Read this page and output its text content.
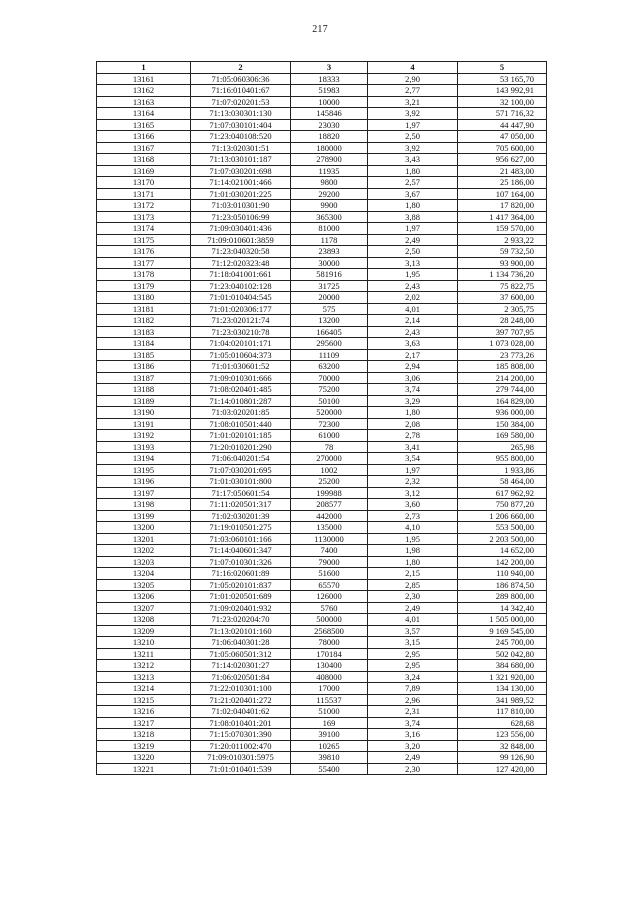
217
1	2	3	4	5
13161	71:05:060306:36	18333	2,90	53 165,70
13162	71:16:010401:67	51983	2,77	143 992,91
13163	71:07:020201:53	10000	3,21	32 100,00
13164	71:13:030301:130	145846	3,92	571 716,32
13165	71:07:030101:404	23030	1,97	44 447,90
13166	71:23:040108:520	18820	2,50	47 050,00
13167	71:13:020301:51	180000	3,92	705 600,00
13168	71:13:030101:187	278900	3,43	956 627,00
13169	71:07:030201:698	11935	1,80	21 483,00
13170	71:14:021001:466	9800	2,57	25 186,00
13171	71:01:030201:225	29200	3,67	107 164,00
13172	71:03:010301:90	9900	1,80	17 820,00
13173	71:23:050106:99	365300	3,88	1 417 364,00
13174	71:09:030401:436	81000	1,97	159 570,00
13175	71:09:010601:3859	1178	2,49	2 933,22
13176	71:23:040320:58	23893	2,50	59 732,50
13177	71:12:020323:48	30000	3,13	93 900,00
13178	71:18:041001:661	581916	1,95	1 134 736,20
13179	71:23:040102:128	31725	2,43	75 822,75
13180	71:01:010404:545	20000	2,02	37 600,00
13181	71:01:020306:177	575	4,01	2 305,75
13182	71:23:020121:74	13200	2,14	28 248,00
13183	71:23:030210:78	166405	2,43	397 707,95
13184	71:04:020101:171	295600	3,63	1 073 028,00
13185	71:05:010604:373	11109	2,17	23 773,26
13186	71:01:030601:52	63200	2,94	185 808,00
13187	71:09:010301:666	70000	3,06	214 200,00
13188	71:08:020401:485	75200	3,74	279 744,00
13189	71:14:010801:287	50100	3,29	164 829,00
13190	71:03:020201:85	520000	1,80	936 000,00
13191	71:08:010501:440	72300	2,08	150 384,00
13192	71:01:020101:185	61000	2,78	169 580,00
13193	71:20:010201:290	78	3,41	265,98
13194	71:06:040201:54	270000	3,54	955 800,00
13195	71:07:030201:695	1002	1,97	1 933,86
13196	71:01:030101:800	25200	2,32	58 464,00
13197	71:17:050601:54	199988	3,12	617 962,92
13198	71:11:020501:317	208577	3,60	750 877,20
13199	71:02:030201:39	442000	2,73	1 206 660,00
13200	71:19:010501:275	135000	4,10	553 500,00
13201	71:03:060101:166	1130000	1,95	2 203 500,00
13202	71:14:040601:347	7400	1,98	14 652,00
13203	71:07:010301:326	79000	1,80	142 200,00
13204	71:16:020601:89	51600	2,15	110 940,00
13205	71:05:020101:837	65570	2,85	186 874,50
13206	71:01:020501:689	126000	2,30	289 800,00
13207	71:09:020401:932	5760	2,49	14 342,40
13208	71:23:020204:70	500000	4,01	1 505 000,00
13209	71:13:020101:160	2568500	3,57	9 169 545,00
13210	71:06:040301:28	78000	3,15	245 700,00
13211	71:05:060501:312	170184	2,95	502 042,80
13212	71:14:020301:27	130400	2,95	384 680,00
13213	71:06:020501:84	408000	3,24	1 321 920,00
13214	71:22:010301:100	17000	7,89	134 130,00
13215	71:21:020401:272	115537	2,96	341 989,52
13216	71:02:040401:62	51000	2,31	117 810,00
13217	71:08:010401:201	169	3,74	628,68
13218	71:15:070301:390	39100	3,16	123 556,00
13219	71:20:011002:470	10265	3,20	32 848,00
13220	71:09:010301:5975	39810	2,49	99 126,90
13221	71:01:010401:539	55400	2,30	127 420,00
